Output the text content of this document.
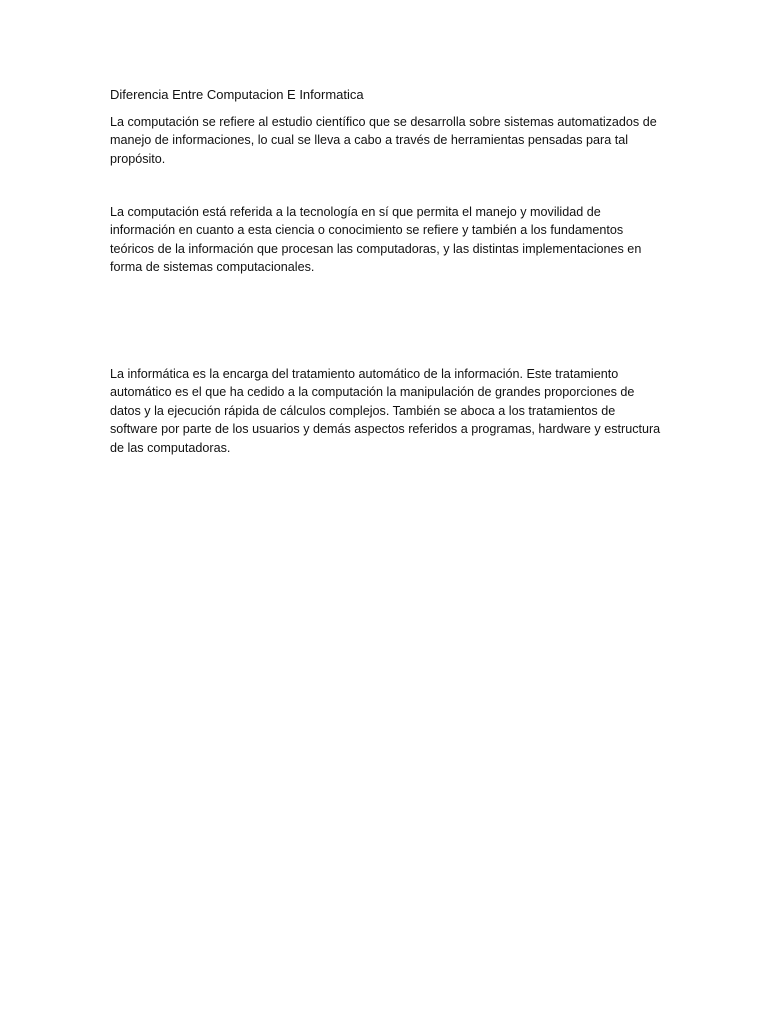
Diferencia Entre Computacion E Informatica

La computación se refiere al estudio científico que se desarrolla sobre sistemas automatizados de manejo de informaciones, lo cual se lleva a cabo a través de herramientas pensadas para tal propósito.

La computación está referida a la tecnología en sí que permita el manejo y movilidad de información en cuanto a esta ciencia o conocimiento se refiere y también a los fundamentos teóricos de la información que procesan las computadoras, y las distintas implementaciones en forma de sistemas computacionales.

La informática es la encarga del tratamiento automático de la información. Este tratamiento automático es el que ha cedido a la computación la manipulación de grandes proporciones de datos y la ejecución rápida de cálculos complejos. También se aboca a los tratamientos de software por parte de los usuarios y demás aspectos referidos a programas, hardware y estructura de las computadoras.
